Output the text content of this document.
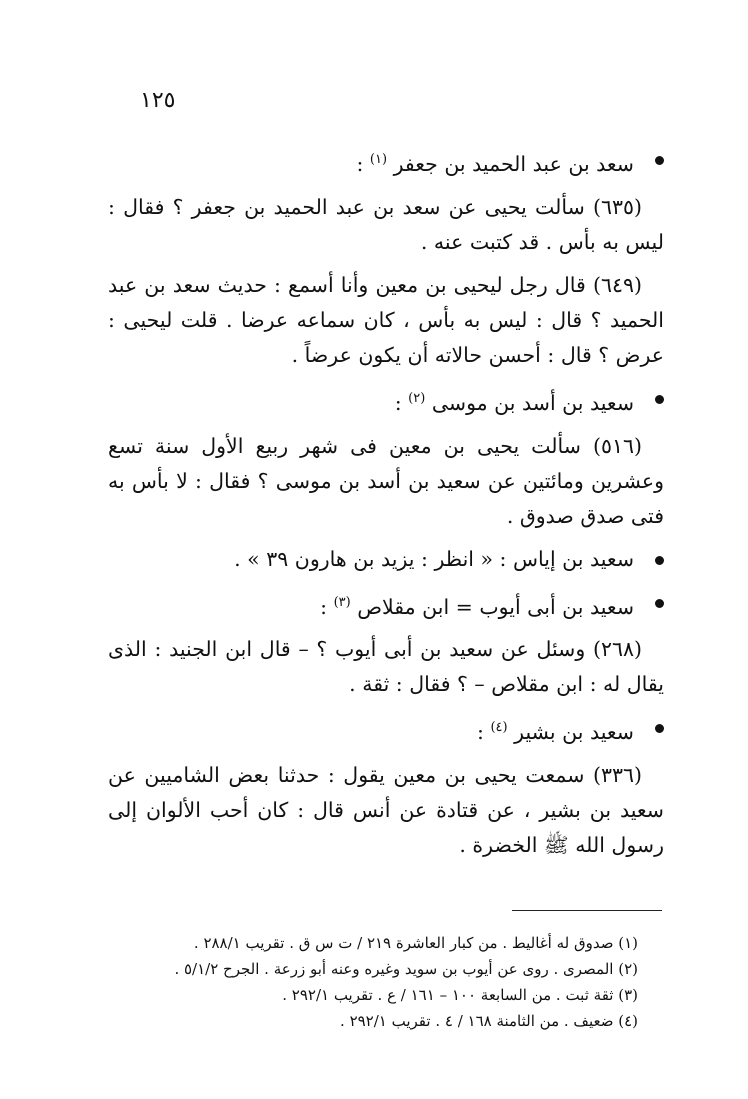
١٢٥
سعد بن عبد الحميد بن جعفر $^{(١)}$ :

(٦٣٥) سألت يحيى عن سعد بن عبد الحميد بن جعفر ؟ فقال : ليس به بأس . قد كتبت عنه .

(٦٤٩) قال رجل ليحيى بن معين وأنا أسمع : حديث سعد بن عبد الحميد ؟ قال : ليس به بأس ، كان سماعه عرضا . قلت ليحيى : عرض ؟ قال : أحسن حالاته أن يكون عرضاً .

سعيد بن أسد بن موسى $^{(٢)}$ :

(٥١٦) سألت يحيى بن معين فى شهر ربيع الأول سنة تسع وعشرين ومائتين عن سعيد بن أسد بن موسى ؟ فقال : لا بأس به فتى صدق صدوق .

سعيد بن إياس : « انظر : يزيد بن هارون ٣٩ » .
سعيد بن أبى أيوب = ابن مقلاص $^{(٣)}$ :

(٢٦٨) وسئل عن سعيد بن أبى أيوب ؟ – قال ابن الجنيد : الذى يقال له : ابن مقلاص – ؟ فقال : ثقة .

سعيد بن بشير $^{(٤)}$ :

(٣٣٦) سمعت يحيى بن معين يقول : حدثنا بعض الشاميين عن سعيد بن بشير ، عن قتادة عن أنس قال : كان أحب الألوان إلى رسول الله ﷺ الخضرة .

(١) صدوق له أغاليط . من كبار العاشرة ٢١٩ / ت س ق . تقريب ٢٨٨/١ .

(٢) المصرى . روى عن أيوب بن سويد وغيره وعنه أبو زرعة . الجرح ٥/١/٢ .

(٣) ثقة ثبت . من السابعة ١٠٠ – ١٦١ / ع . تقريب ٢٩٢/١ .

(٤) ضعيف . من الثامنة ١٦٨ / ٤ . تقريب ٢٩٢/١ .
